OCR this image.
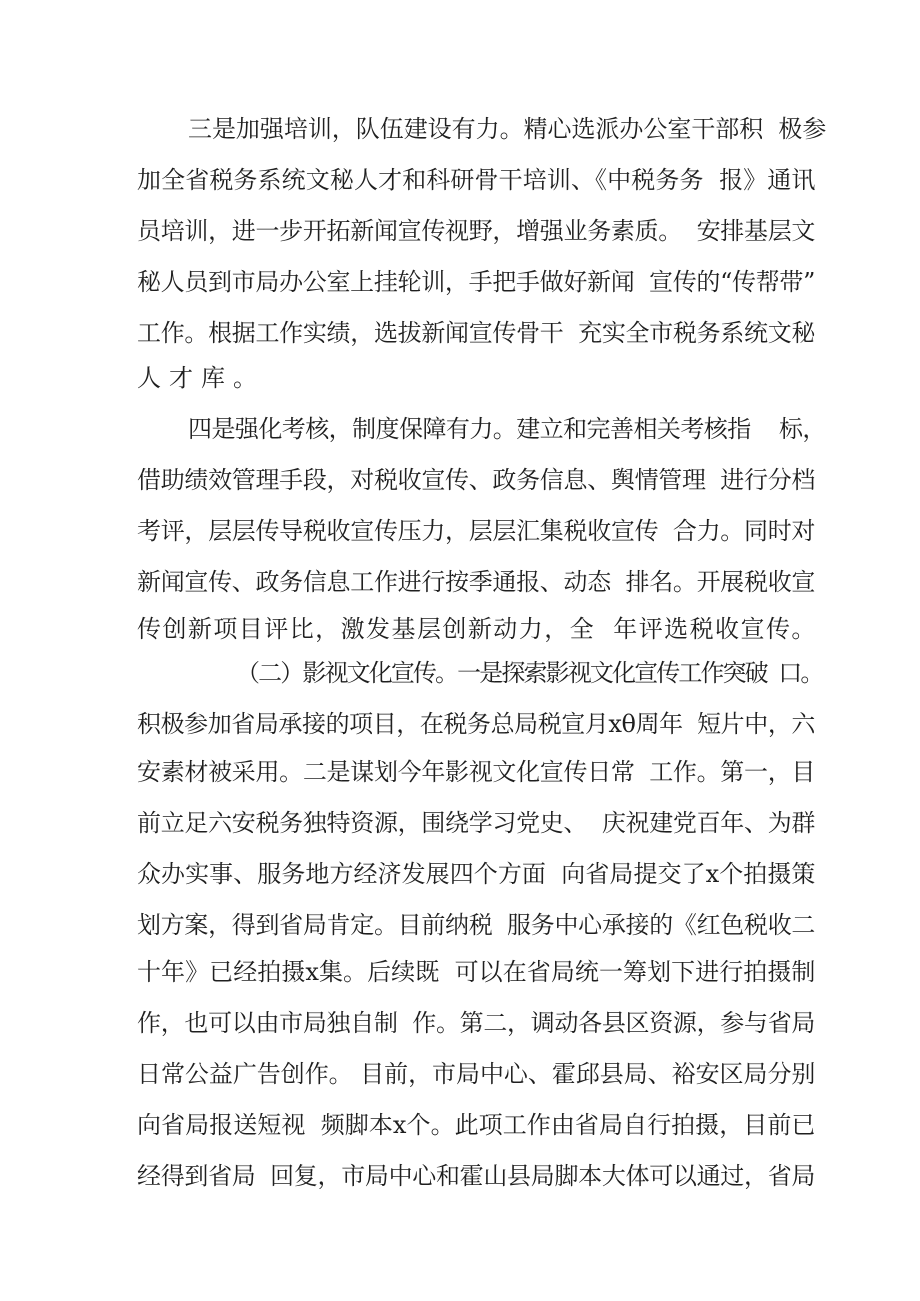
三是加强培训，队伍建设有力。精心选派办公室干部积  极参
加全省税务系统文秘人才和科研骨干培训、《中税务务  报》通讯
员培训，进一步开拓新闻宣传视野，增强业务素质。  安排基层文
秘人员到市局办公室上挂轮训，手把手做好新闻  宣传的“传帮带”
工作。根据工作实绩，选拔新闻宣传骨干  充实全市税务系统文秘
人才库。
四是强化考核，制度保障有力。建立和完善相关考核指    标，
借助绩效管理手段，对税收宣传、政务信息、舆情管理  进行分档
考评，层层传导税收宣传压力，层层汇集税收宣传  合力。同时对
新闻宣传、政务信息工作进行按季通报、动态  排名。开展税收宣
传创新项目评比，激发基层创新动力，全  年评选税收宣传。
（二）影视文化宣传。一是探索影视文化宣传工作突破  口。
积极参加省局承接的项目，在税务总局税宣月xθ周年  短片中，六
安素材被采用。二是谋划今年影视文化宣传日常  工作。第一，目
前立足六安税务独特资源，围绕学习党史、  庆祝建党百年、为群
众办实事、服务地方经济发展四个方面  向省局提交了x个拍摄策
划方案，得到省局肯定。目前纳税  服务中心承接的《红色税收二
十年》已经拍摄x集。后续既  可以在省局统一筹划下进行拍摄制
作，也可以由市局独自制  作。第二，调动各县区资源，参与省局
日常公益广告创作。 目前，市局中心、霍邱县局、裕安区局分别
向省局报送短视  频脚本x个。此项工作由省局自行拍摄，目前已
经得到省局  回复，市局中心和霍山县局脚本大体可以通过，省局
